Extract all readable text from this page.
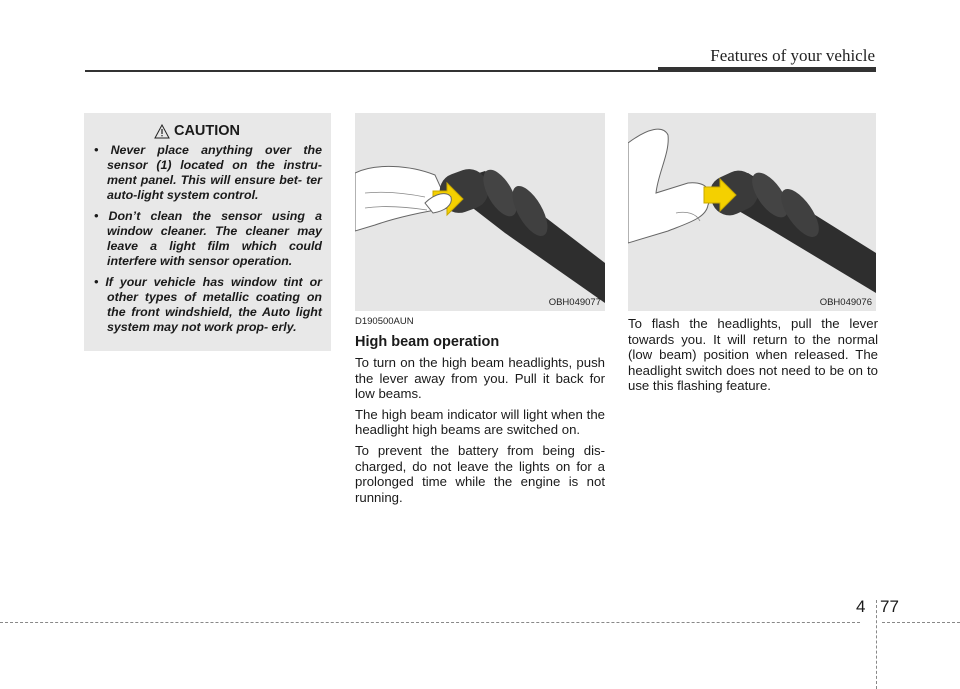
Features of your vehicle
CAUTION
• Never place anything over the sensor (1) located on the instru- ment panel. This will ensure bet- ter auto-light system control.
• Don’t clean the sensor using a window cleaner. The cleaner may leave a light film which could interfere with sensor operation.
• If your vehicle has window tint or other types of metallic coating on the front windshield, the Auto light system may not work prop- erly.
OBH049077	OBH049076

D190500AUN

High beam operation

To turn on the high beam headlights, push the lever away from you. Pull it back for low beams.

The high beam indicator will light when the headlight high beams are switched on.

To prevent the battery from being dis- charged, do not leave the lights on for a prolonged time while the engine is not running.

To flash the headlights, pull the lever towards you. It will return to the normal (low beam) position when released. The headlight switch does not need to be on to use this flashing feature.

4 77
